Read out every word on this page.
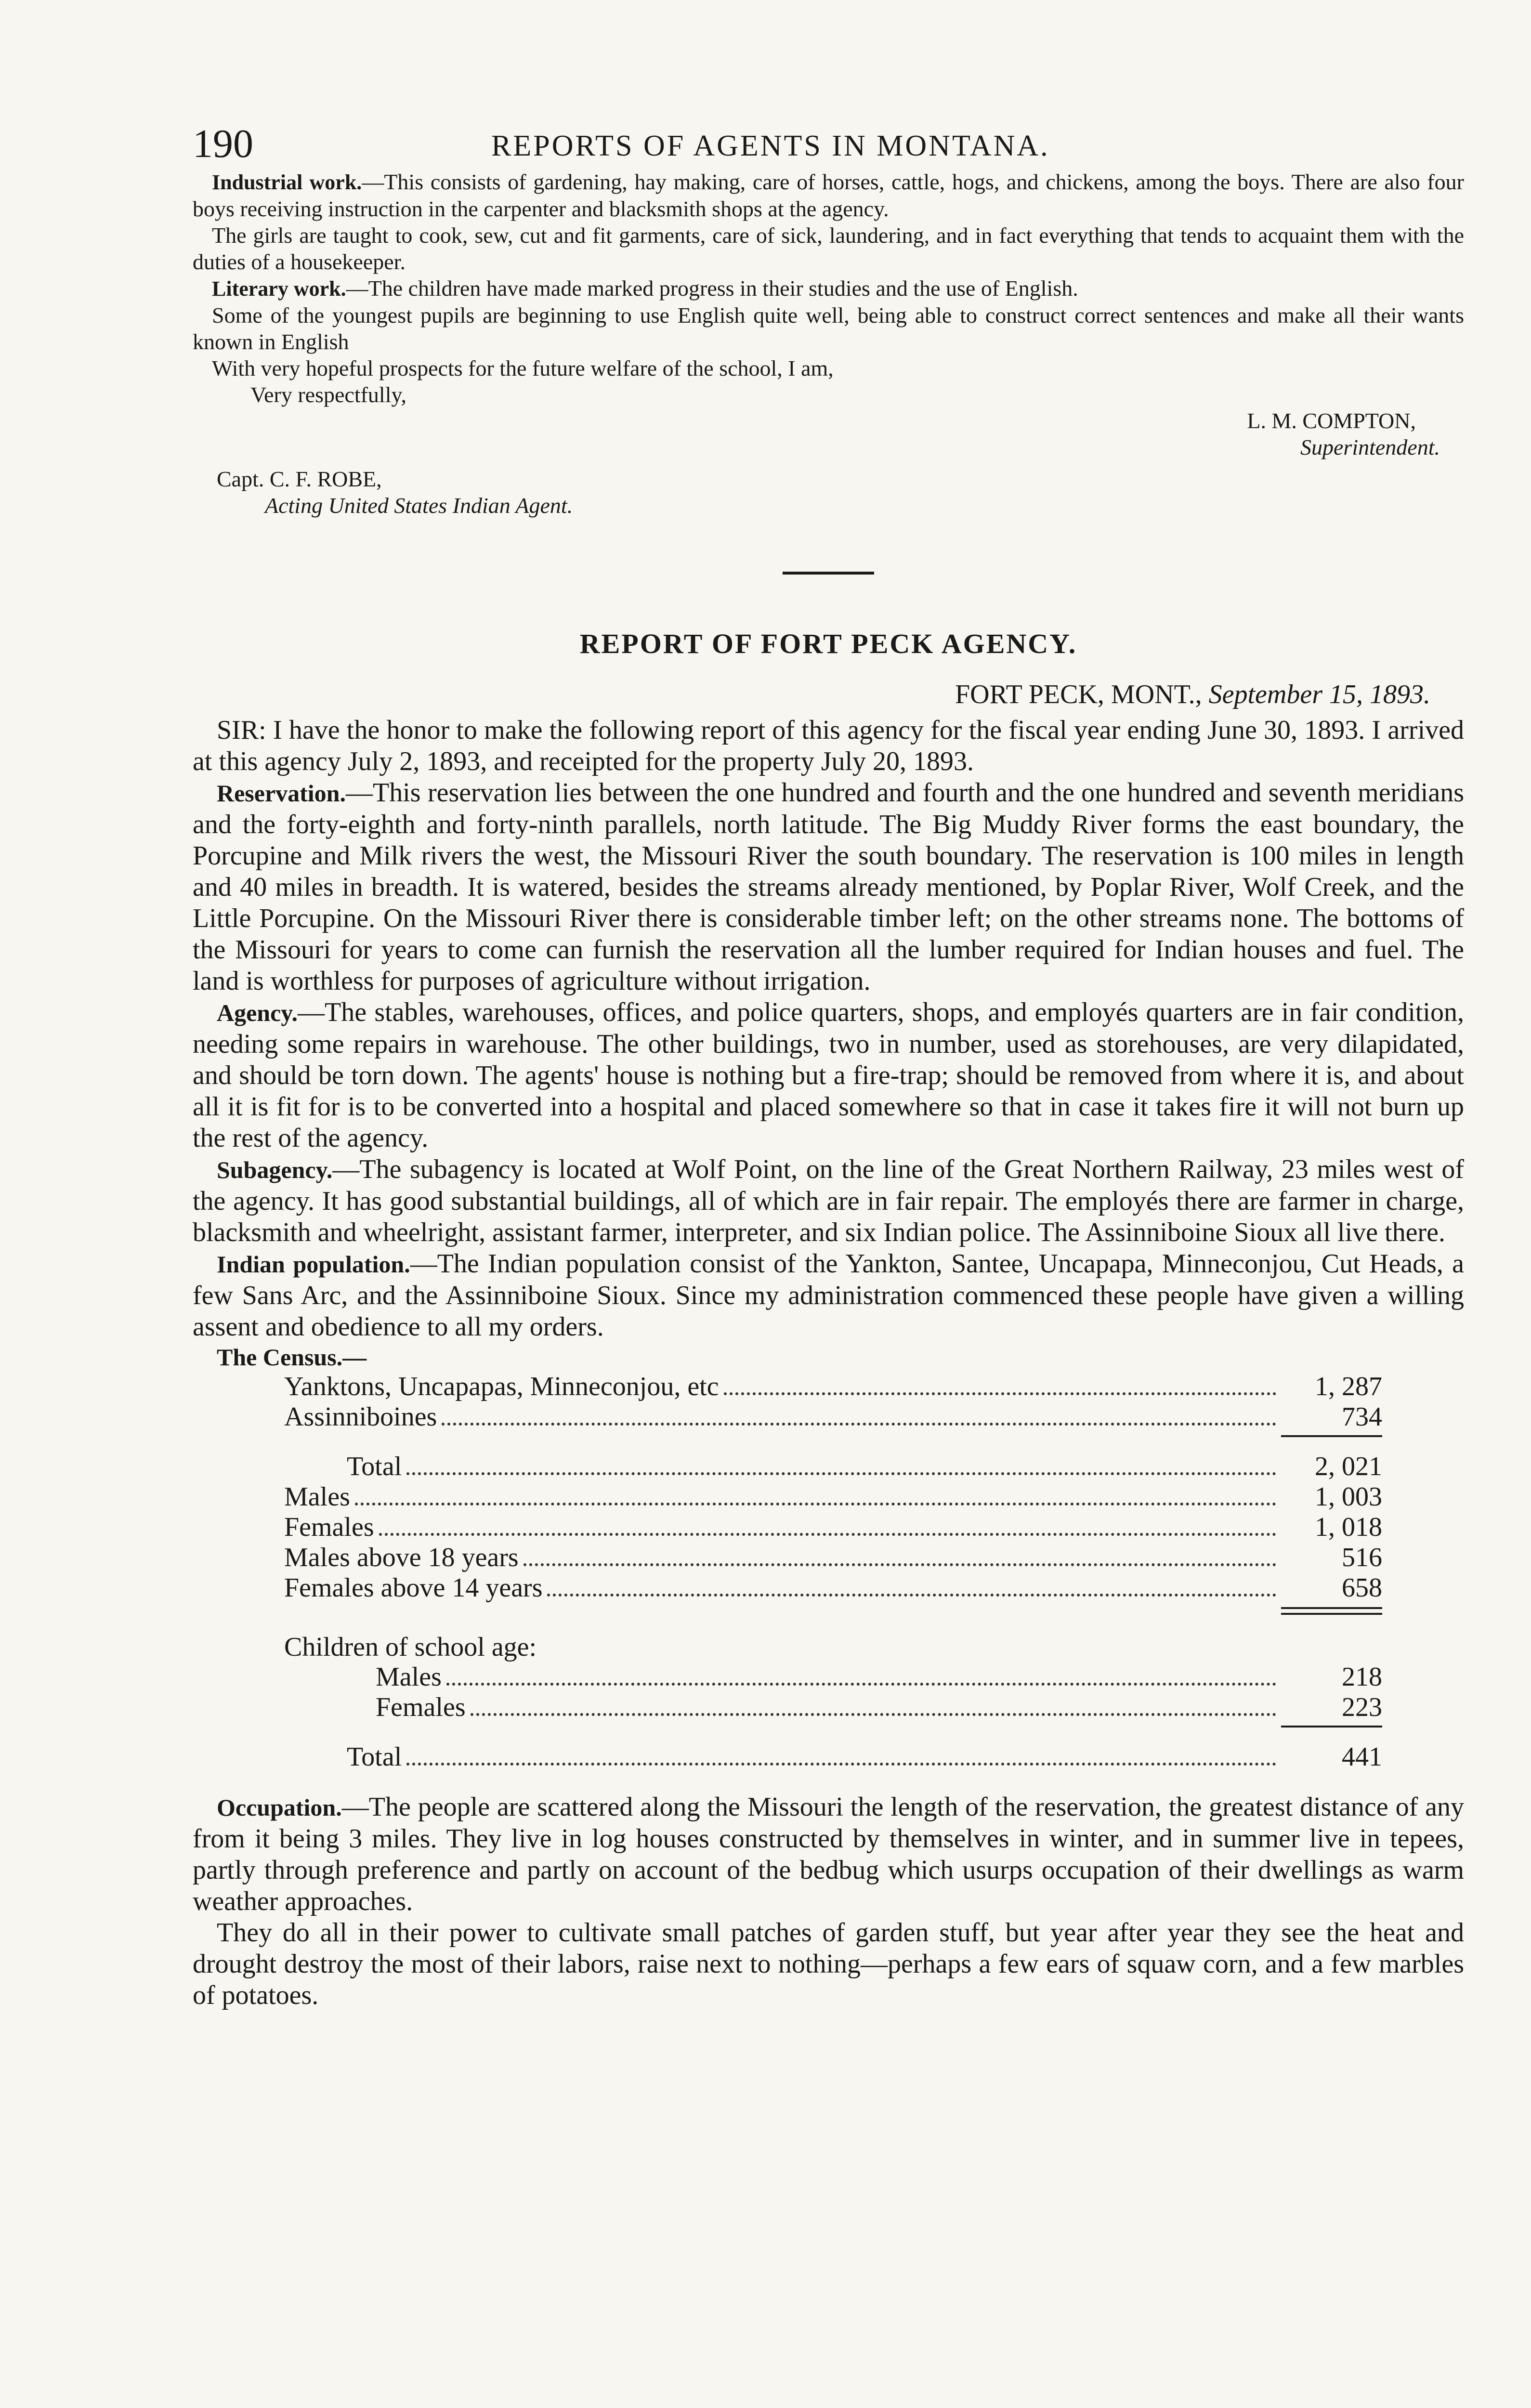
190	REPORTS OF AGENTS IN MONTANA.

Industrial work.—This consists of gardening, hay making, care of horses, cattle, hogs, and chickens, among the boys. There are also four boys receiving instruction in the carpenter and blacksmith shops at the agency.

The girls are taught to cook, sew, cut and fit garments, care of sick, laundering, and in fact everything that tends to acquaint them with the duties of a housekeeper.

Literary work.—The children have made marked progress in their studies and the use of English.

Some of the youngest pupils are beginning to use English quite well, being able to construct correct sentences and make all their wants known in English

With very hopeful prospects for the future welfare of the school, I am,

Very respectfully,

L. M. COMPTON,
Superintendent.
Capt. C. F. ROBE,
Acting United States Indian Agent.
REPORT OF FORT PECK AGENCY.
FORT PECK, MONT., September 15, 1893.

SIR: I have the honor to make the following report of this agency for the fiscal year ending June 30, 1893. I arrived at this agency July 2, 1893, and receipted for the property July 20, 1893.

Reservation.—This reservation lies between the one hundred and fourth and the one hundred and seventh meridians and the forty-eighth and forty-ninth parallels, north latitude. The Big Muddy River forms the east boundary, the Porcupine and Milk rivers the west, the Missouri River the south boundary. The reservation is 100 miles in length and 40 miles in breadth. It is watered, besides the streams already mentioned, by Poplar River, Wolf Creek, and the Little Porcupine. On the Missouri River there is considerable timber left; on the other streams none. The bottoms of the Missouri for years to come can furnish the reservation all the lumber required for Indian houses and fuel. The land is worthless for purposes of agriculture without irrigation.

Agency.—The stables, warehouses, offices, and police quarters, shops, and employés quarters are in fair condition, needing some repairs in warehouse. The other buildings, two in number, used as storehouses, are very dilapidated, and should be torn down. The agents' house is nothing but a fire-trap; should be removed from where it is, and about all it is fit for is to be converted into a hospital and placed somewhere so that in case it takes fire it will not burn up the rest of the agency.

Subagency.—The subagency is located at Wolf Point, on the line of the Great Northern Railway, 23 miles west of the agency. It has good substantial buildings, all of which are in fair repair. The employés there are farmer in charge, blacksmith and wheelright, assistant farmer, interpreter, and six Indian police. The Assinniboine Sioux all live there.

Indian population.—The Indian population consist of the Yankton, Santee, Uncapapa, Minneconjou, Cut Heads, a few Sans Arc, and the Assinniboine Sioux. Since my administration commenced these people have given a willing assent and obedience to all my orders.

The Census.—
Yanktons, Uncapapas, Minneconjou, etc	1, 287
Assinniboines	734
Total	2, 021
Males	1, 003
Females	1, 018
Males above 18 years	516
Females above 14 years	658
Children of school age:
Males	218
Females	223
Total	441

Occupation.—The people are scattered along the Missouri the length of the reservation, the greatest distance of any from it being 3 miles. They live in log houses constructed by themselves in winter, and in summer live in tepees, partly through preference and partly on account of the bedbug which usurps occupation of their dwellings as warm weather approaches.

They do all in their power to cultivate small patches of garden stuff, but year after year they see the heat and drought destroy the most of their labors, raise next to nothing—perhaps a few ears of squaw corn, and a few marbles of potatoes.
